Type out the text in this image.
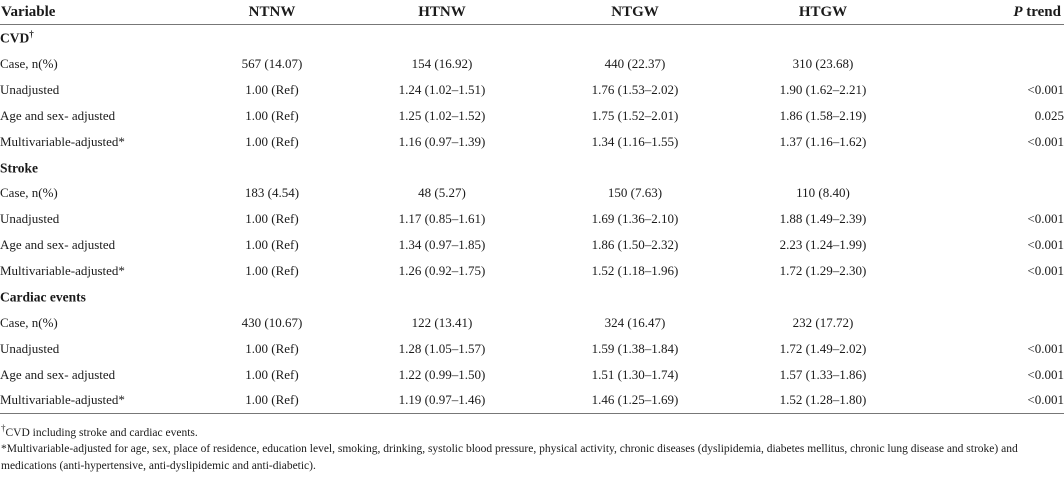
Variable	NTNW	HTNW	NTGW	HTGW	P trend
CVD†
Case, n(%)	567 (14.07)	154 (16.92)	440 (22.37)	310 (23.68)	
Unadjusted	1.00 (Ref)	1.24 (1.02–1.51)	1.76 (1.53–2.02)	1.90 (1.62–2.21)	<0.001
Age and sex- adjusted	1.00 (Ref)	1.25 (1.02–1.52)	1.75 (1.52–2.01)	1.86 (1.58–2.19)	0.025
Multivariable-adjusted*	1.00 (Ref)	1.16 (0.97–1.39)	1.34 (1.16–1.55)	1.37 (1.16–1.62)	<0.001
Stroke					
Case, n(%)	183 (4.54)	48 (5.27)	150 (7.63)	110 (8.40)	
Unadjusted	1.00 (Ref)	1.17 (0.85–1.61)	1.69 (1.36–2.10)	1.88 (1.49–2.39)	<0.001
Age and sex- adjusted	1.00 (Ref)	1.34 (0.97–1.85)	1.86 (1.50–2.32)	2.23 (1.24–1.99)	<0.001
Multivariable-adjusted*	1.00 (Ref)	1.26 (0.92–1.75)	1.52 (1.18–1.96)	1.72 (1.29–2.30)	<0.001
Cardiac events					
Case, n(%)	430 (10.67)	122 (13.41)	324 (16.47)	232 (17.72)	
Unadjusted	1.00 (Ref)	1.28 (1.05–1.57)	1.59 (1.38–1.84)	1.72 (1.49–2.02)	<0.001
Age and sex- adjusted	1.00 (Ref)	1.22 (0.99–1.50)	1.51 (1.30–1.74)	1.57 (1.33–1.86)	<0.001
Multivariable-adjusted*	1.00 (Ref)	1.19 (0.97–1.46)	1.46 (1.25–1.69)	1.52 (1.28–1.80)	<0.001

†CVD including stroke and cardiac events.

*Multivariable-adjusted for age, sex, place of residence, education level, smoking, drinking, systolic blood pressure, physical activity, chronic diseases (dyslipidemia, diabetes mellitus, chronic lung disease and stroke) and medications (anti-hypertensive, anti-dyslipidemic and anti-diabetic).
